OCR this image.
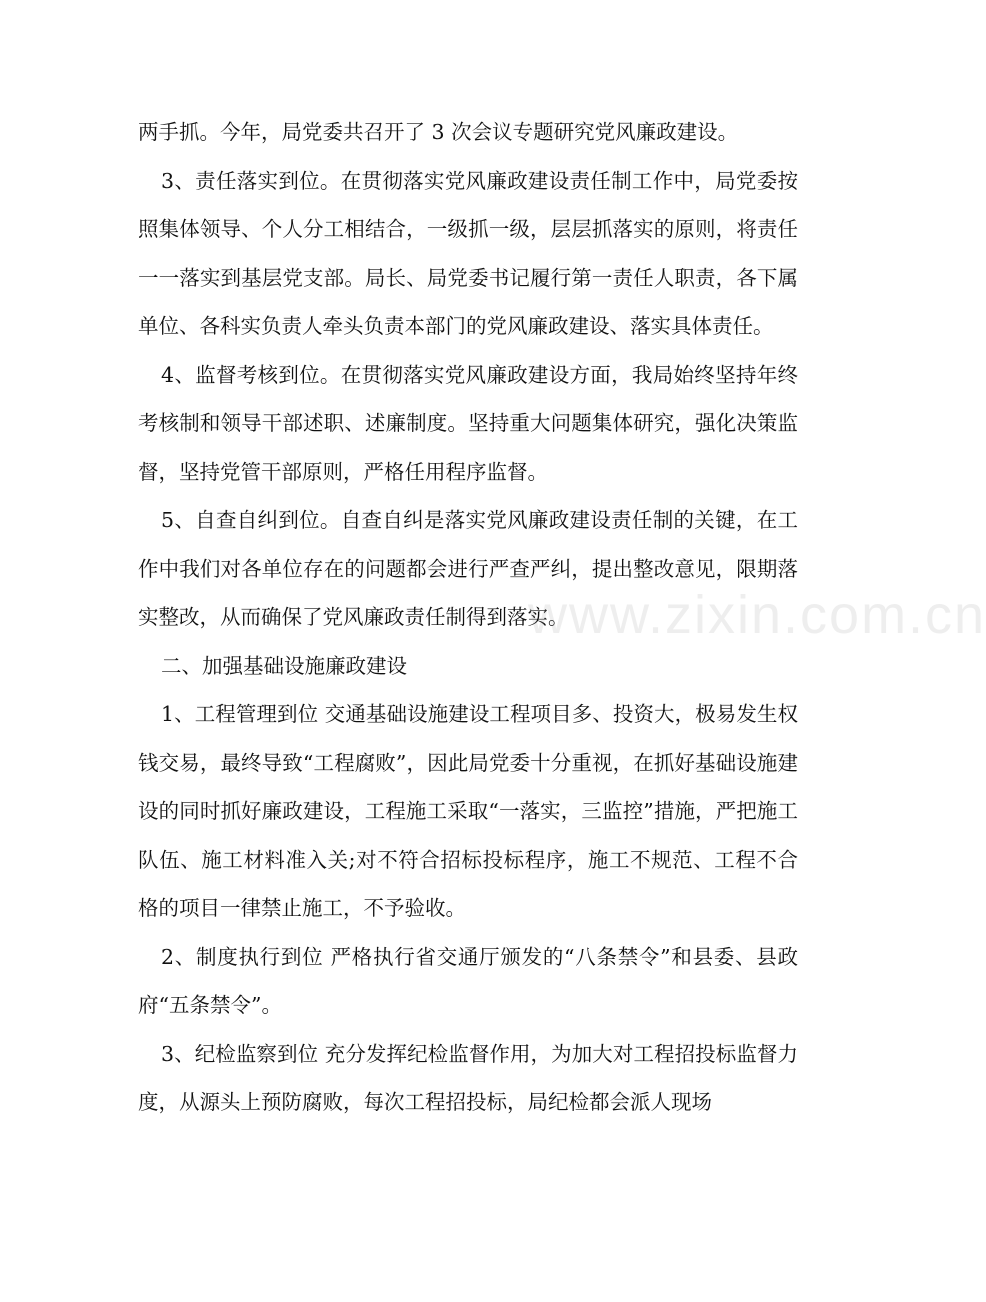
两手抓。今年，局党委共召开了 3 次会议专题研究党风廉政建设。

3、责任落实到位。在贯彻落实党风廉政建设责任制工作中，局党委按照集体领导、个人分工相结合，一级抓一级，层层抓落实的原则，将责任一一落实到基层党支部。局长、局党委书记履行第一责任人职责，各下属单位、各科实负责人牵头负责本部门的党风廉政建设、落实具体责任。

4、监督考核到位。在贯彻落实党风廉政建设方面，我局始终坚持年终考核制和领导干部述职、述廉制度。坚持重大问题集体研究，强化决策监督，坚持党管干部原则，严格任用程序监督。

5、自查自纠到位。自查自纠是落实党风廉政建设责任制的关键，在工作中我们对各单位存在的问题都会进行严查严纠，提出整改意见，限期落实整改，从而确保了党风廉政责任制得到落实。

二、加强基础设施廉政建设

1、工程管理到位 交通基础设施建设工程项目多、投资大，极易发生权钱交易，最终导致“工程腐败”，因此局党委十分重视，在抓好基础设施建设的同时抓好廉政建设，工程施工采取“一落实，三监控”措施，严把施工队伍、施工材料准入关;对不符合招标投标程序，施工不规范、工程不合格的项目一律禁止施工，不予验收。

2、制度执行到位 严格执行省交通厅颁发的“八条禁令”和县委、县政府“五条禁令”。

3、纪检监察到位 充分发挥纪检监督作用，为加大对工程招投标监督力度，从源头上预防腐败，每次工程招投标，局纪检都会派人现场

www.zixin.com.cn
